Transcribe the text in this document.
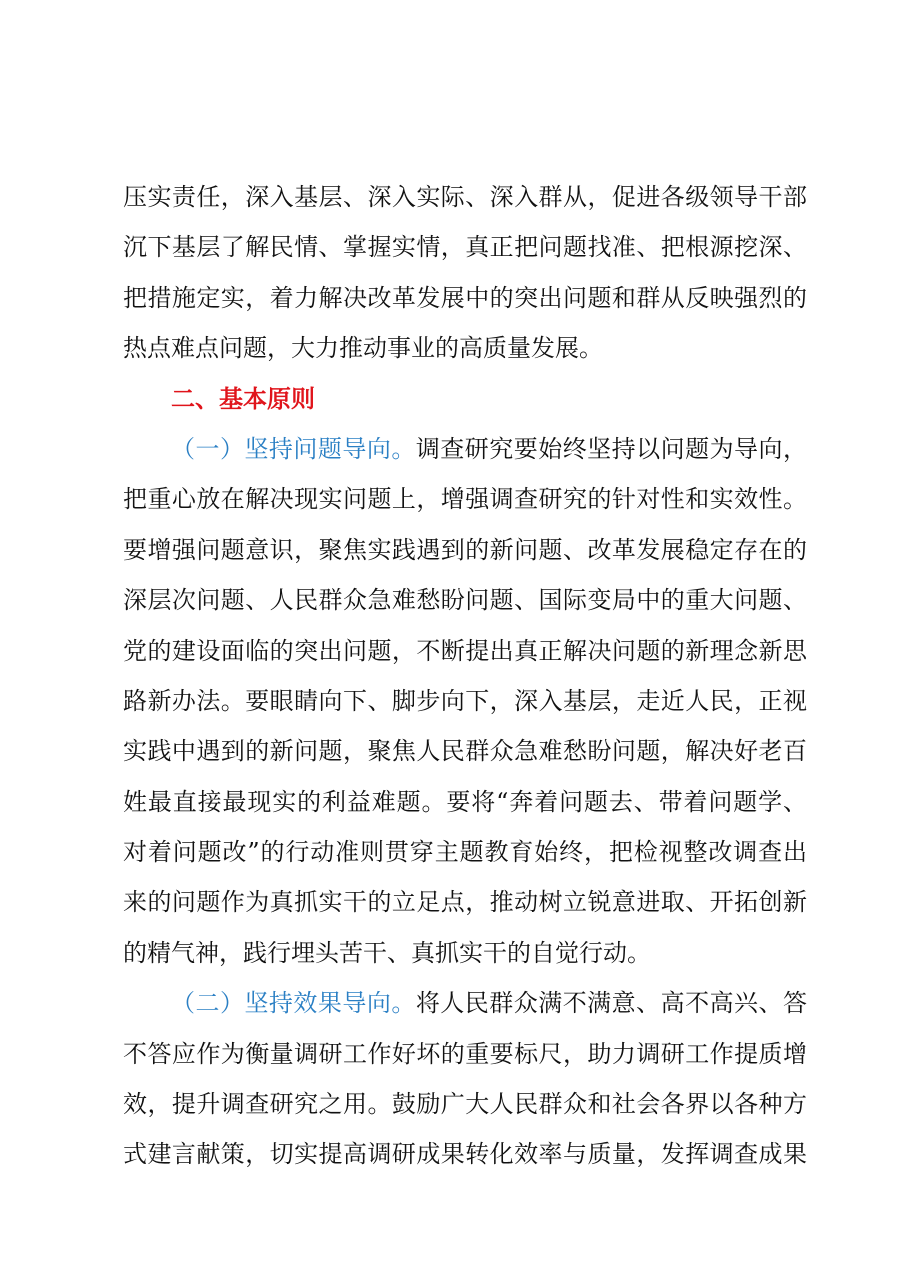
压实责任，深入基层、深入实际、深入群从，促进各级领导干部
沉下基层了解民情、掌握实情，真正把问题找准、把根源挖深、
把措施定实，着力解决改革发展中的突出问题和群从反映强烈的
热点难点问题，大力推动事业的高质量发展。
二、基本原则
（一）坚持问题导向。调查研究要始终坚持以问题为导向，
把重心放在解决现实问题上，增强调查研究的针对性和实效性。
要增强问题意识，聚焦实践遇到的新问题、改革发展稳定存在的
深层次问题、人民群众急难愁盼问题、国际变局中的重大问题、
党的建设面临的突出问题，不断提出真正解决问题的新理念新思
路新办法。要眼睛向下、脚步向下，深入基层，走近人民，正视
实践中遇到的新问题，聚焦人民群众急难愁盼问题，解决好老百
姓最直接最现实的利益难题。要将“奔着问题去、带着问题学、
对着问题改”的行动准则贯穿主题教育始终，把检视整改调查出
来的问题作为真抓实干的立足点，推动树立锐意进取、开拓创新
的精气神，践行埋头苦干、真抓实干的自觉行动。
（二）坚持效果导向。将人民群众满不满意、高不高兴、答
不答应作为衡量调研工作好坏的重要标尺，助力调研工作提质增
效，提升调查研究之用。鼓励广大人民群众和社会各界以各种方
式建言献策，切实提高调研成果转化效率与质量，发挥调查成果
